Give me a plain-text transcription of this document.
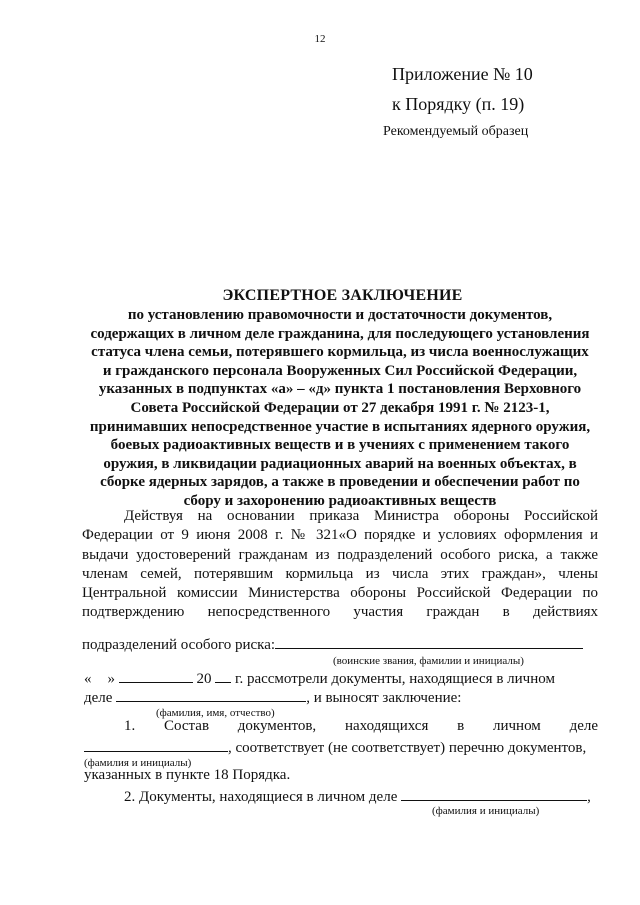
12
Приложение № 10
к Порядку (п. 19)
Рекомендуемый образец
ЭКСПЕРТНОЕ ЗАКЛЮЧЕНИЕ
по установлению правомочности и достаточности документов,
содержащих в личном деле гражданина, для последующего установления
статуса члена семьи, потерявшего кормильца, из числа военнослужащих
и гражданского персонала Вооруженных Сил Российской Федерации,
указанных в подпунктах «а» – «д» пункта 1 постановления Верховного
Совета Российской Федерации от 27 декабря 1991 г. № 2123-1,
принимавших непосредственное участие в испытаниях ядерного оружия,
боевых радиоактивных веществ и в учениях с применением такого
оружия, в ликвидации радиационных аварий на военных объектах, в
сборке ядерных зарядов, а также в проведении и обеспечении работ по
сбору и захоронению радиоактивных веществ
Действуя на основании приказа Министра обороны Российской
Федерации от 9 июня 2008 г. № 321«О порядке и условиях оформления и
выдачи удостоверений гражданам из подразделений особого риска, а также
членам семей, потерявшим кормильца из числа этих граждан», члены
Центральной комиссии Министерства обороны Российской Федерации по
подтверждению непосредственного участия граждан в действиях
подразделений особого риска:
(воинские звания, фамилии и инициалы)
« »	20 г. рассмотрели документы, находящиеся в личном
деле	, и выносят заключение:
(фамилия, имя, отчество)
1. Состав документов, находящихся в личном деле
, соответствует (не соответствует) перечню документов,
(фамилия и инициалы)
указанных в пункте 18 Порядка.
2. Документы, находящиеся в личном деле	,
(фамилия и инициалы)
